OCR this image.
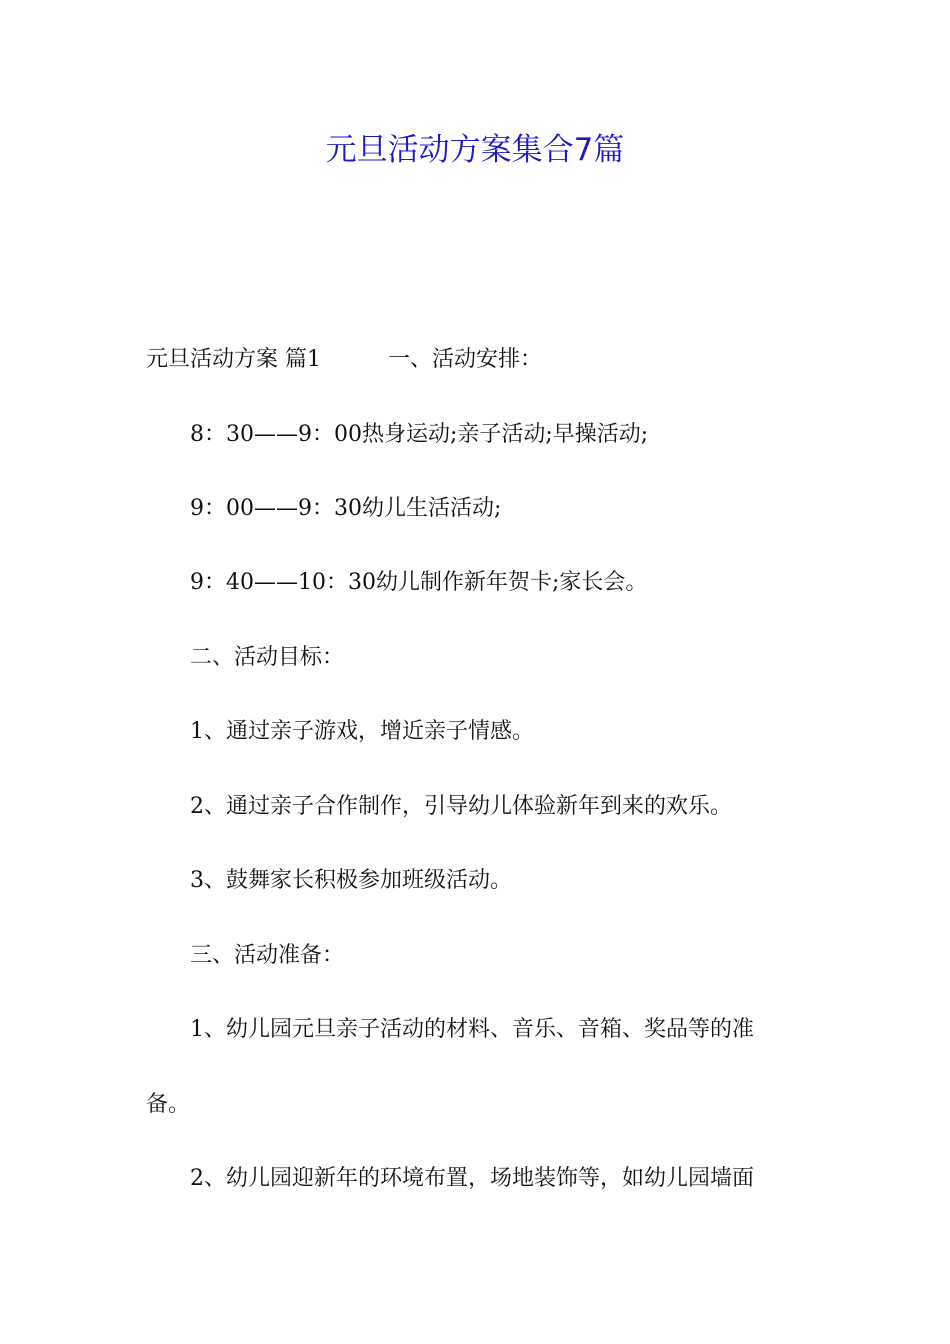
元旦活动方案集合7篇

元旦活动方案 篇1	一、活动安排：

8：30——9：00热身运动;亲子活动;早操活动;

9：00——9：30幼儿生活活动;

9：40——10：30幼儿制作新年贺卡;家长会。

二、活动目标：

1、通过亲子游戏，增近亲子情感。

2、通过亲子合作制作，引导幼儿体验新年到来的欢乐。

3、鼓舞家长积极参加班级活动。

三、活动准备：

1、幼儿园元旦亲子活动的材料、音乐、音箱、奖品等的准

备。

2、幼儿园迎新年的环境布置，场地装饰等，如幼儿园墙面
